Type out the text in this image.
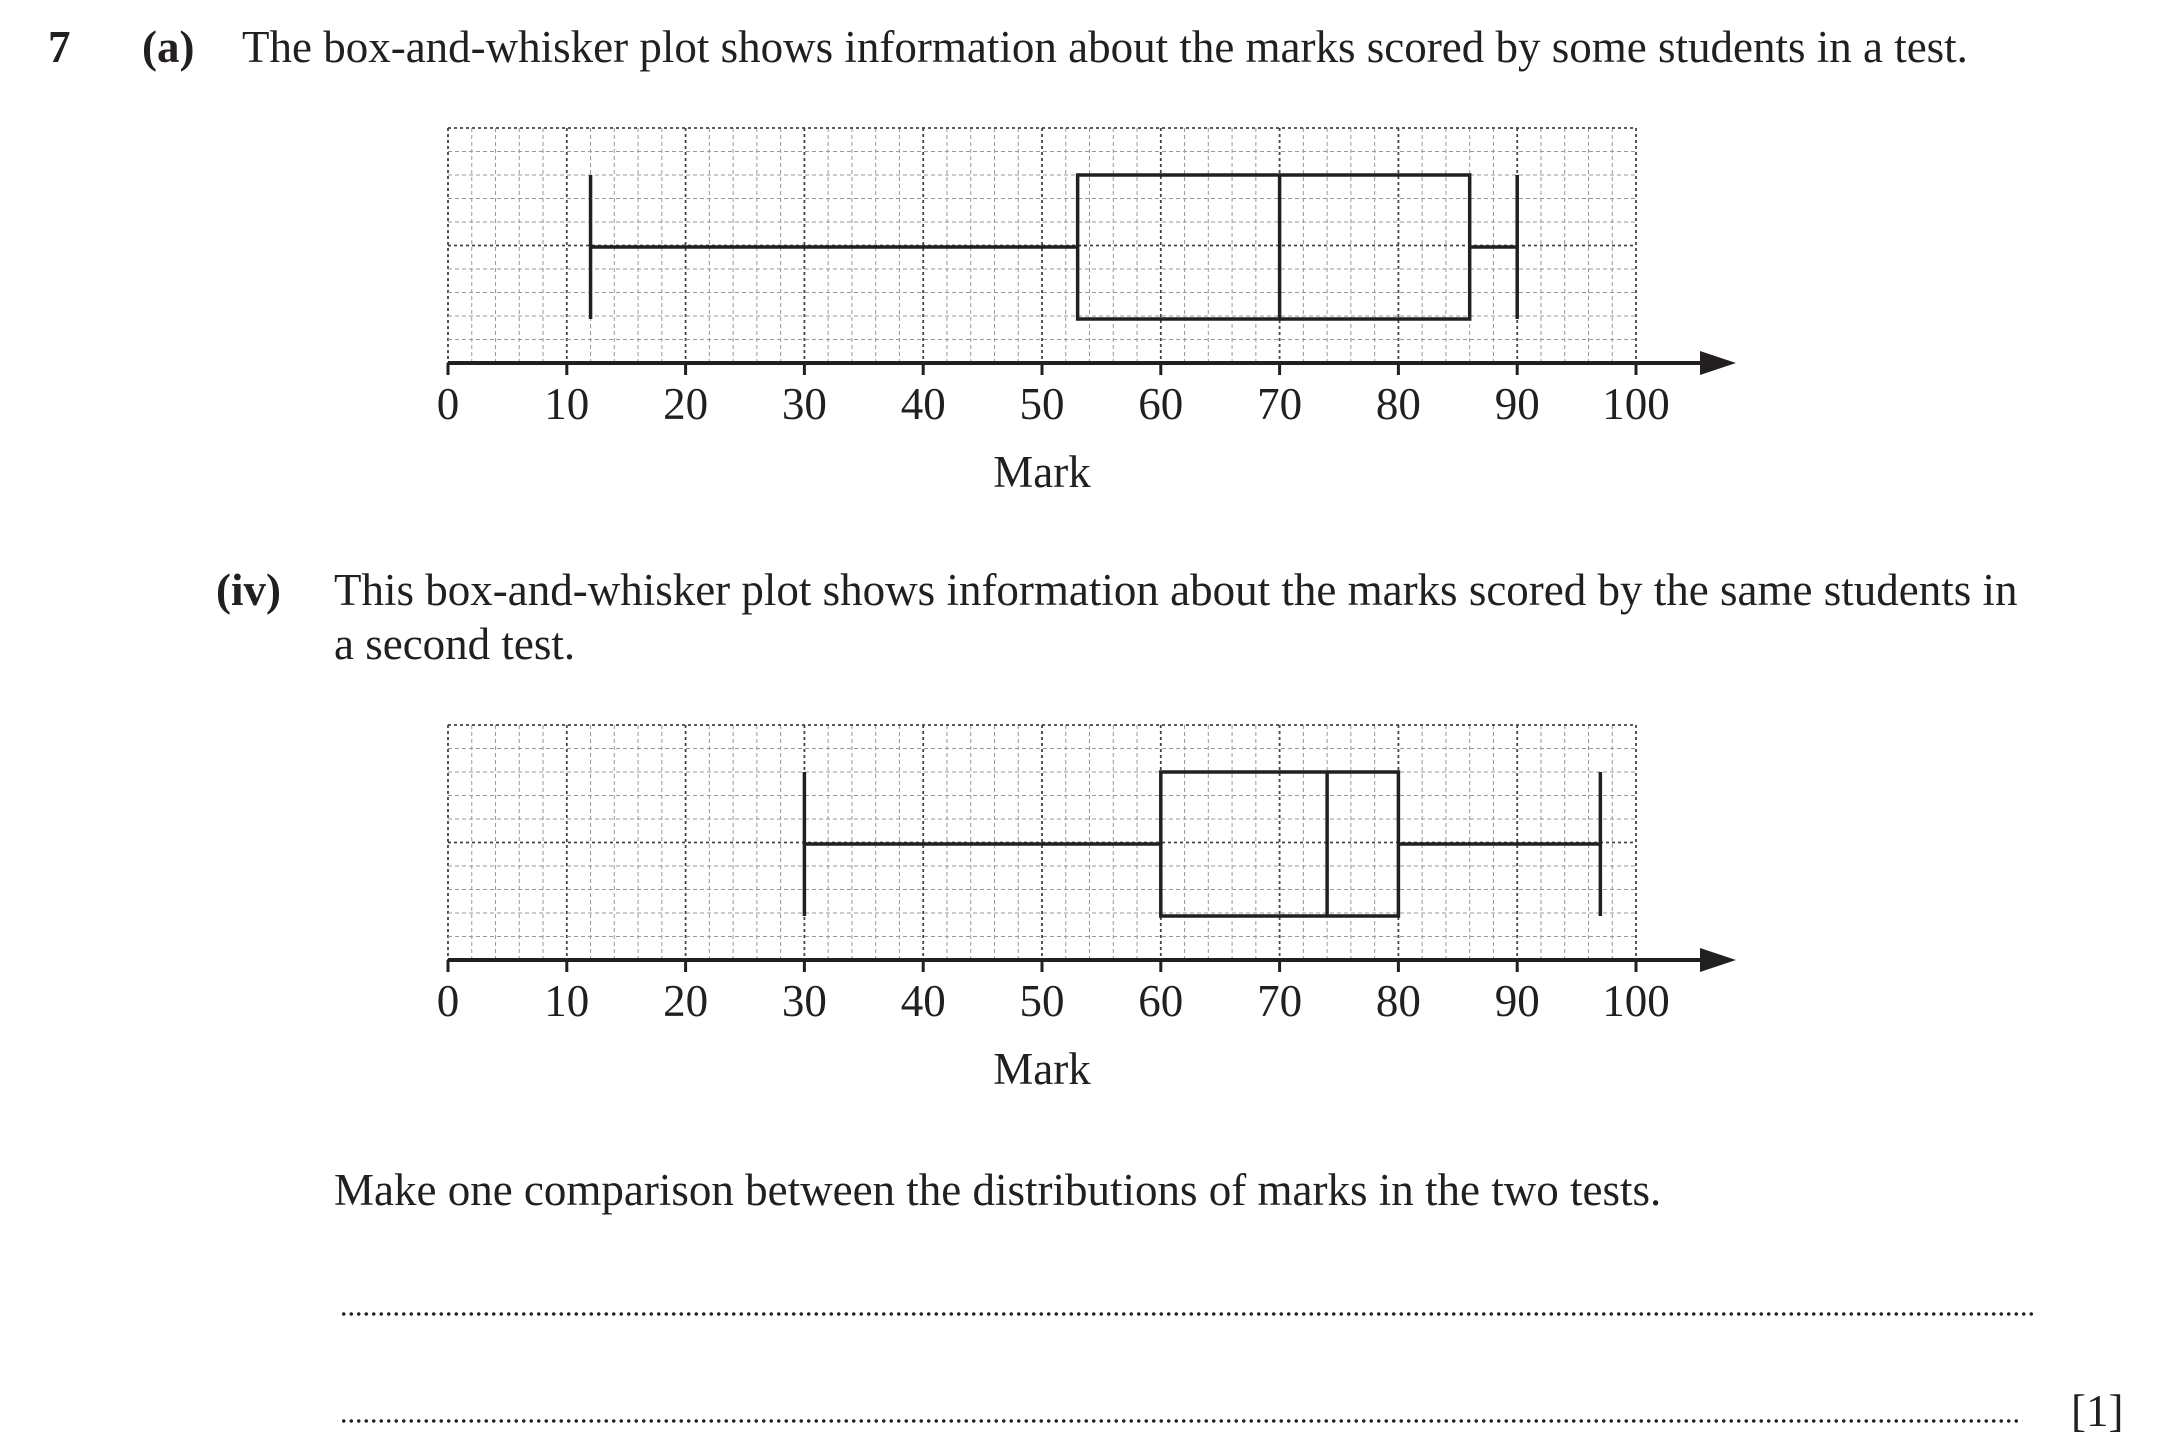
7 (a) The box-and-whisker plot shows information about the marks scored by some students in a test.
0 10 20 30 40 50 60 70 80 90 100
Mark
(iv) This box-and-whisker plot shows information about the marks scored by the same students in
a second test.
0 10 20 30 40 50 60 70 80 90 100
Mark
Make one comparison between the distributions of marks in the two tests.
[1]
